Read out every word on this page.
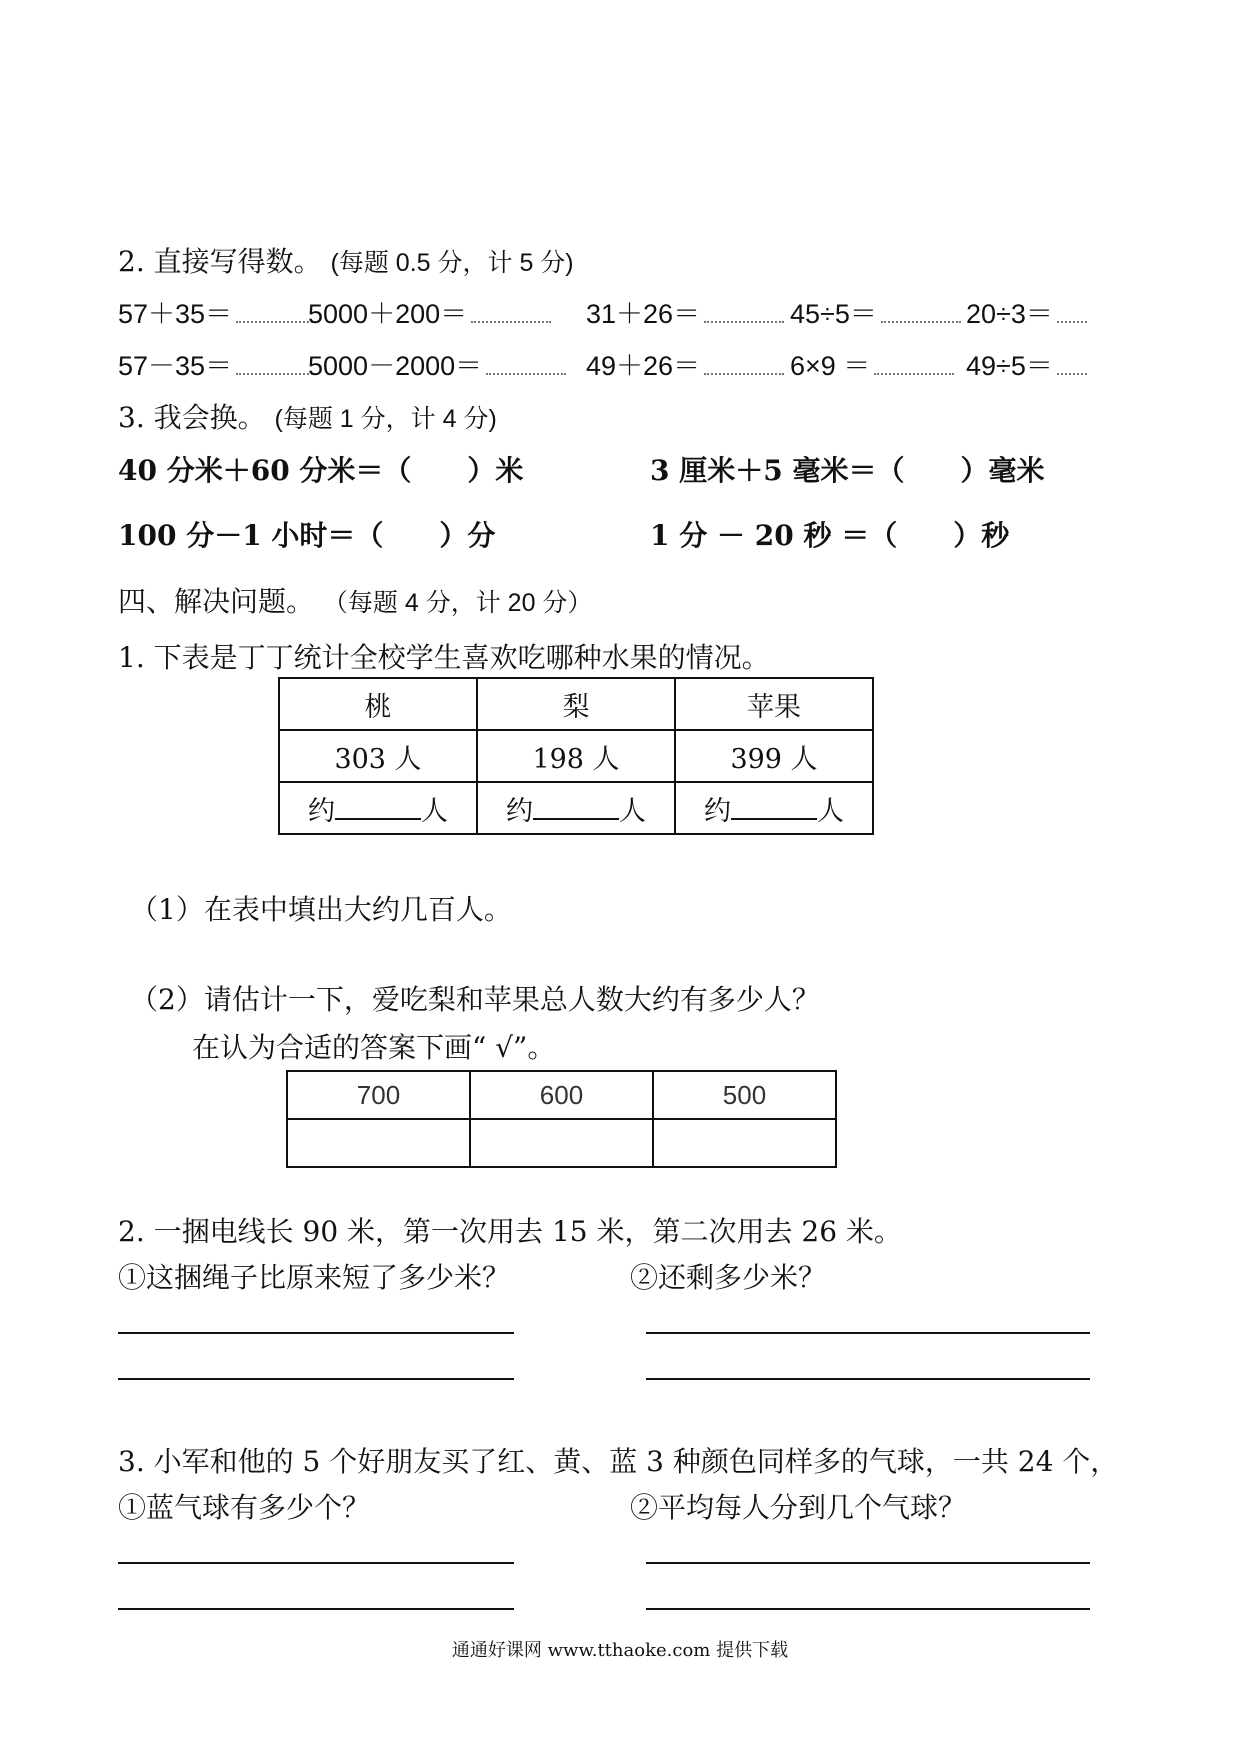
2. 直接写得数。 (每题 0.5 分，计 5 分)
57＋35＝	5000＋200＝	31＋26＝	45÷5＝	20÷3＝
57－35＝	5000－2000＝	49＋26＝	6×9 ＝	49÷5＝
3. 我会换。 (每题 1 分，计 4 分)
40 分米＋60 分米＝（　　）米	3 厘米＋5 毫米＝（　　）毫米
100 分－1 小时＝（　　）分	1 分 － 20 秒 ＝（　　）秒
四、解决问题。 （每题 4 分，计 20 分）
1. 下表是丁丁统计全校学生喜欢吃哪种水果的情况。
桃	梨	苹果
303 人	198 人	399 人
约 人	约 人	约 人
（1）在表中填出大约几百人。
（2）请估计一下，爱吃梨和苹果总人数大约有多少人？
在认为合适的答案下画“ √”。
700	600	500

2. 一捆电线长 90 米，第一次用去 15 米，第二次用去 26 米。
①这捆绳子比原来短了多少米？	②还剩多少米？
3. 小军和他的 5 个好朋友买了红、黄、蓝 3 种颜色同样多的气球，一共 24 个，
①蓝气球有多少个？	②平均每人分到几个气球？
通通好课网 www.tthaoke.com 提供下载
